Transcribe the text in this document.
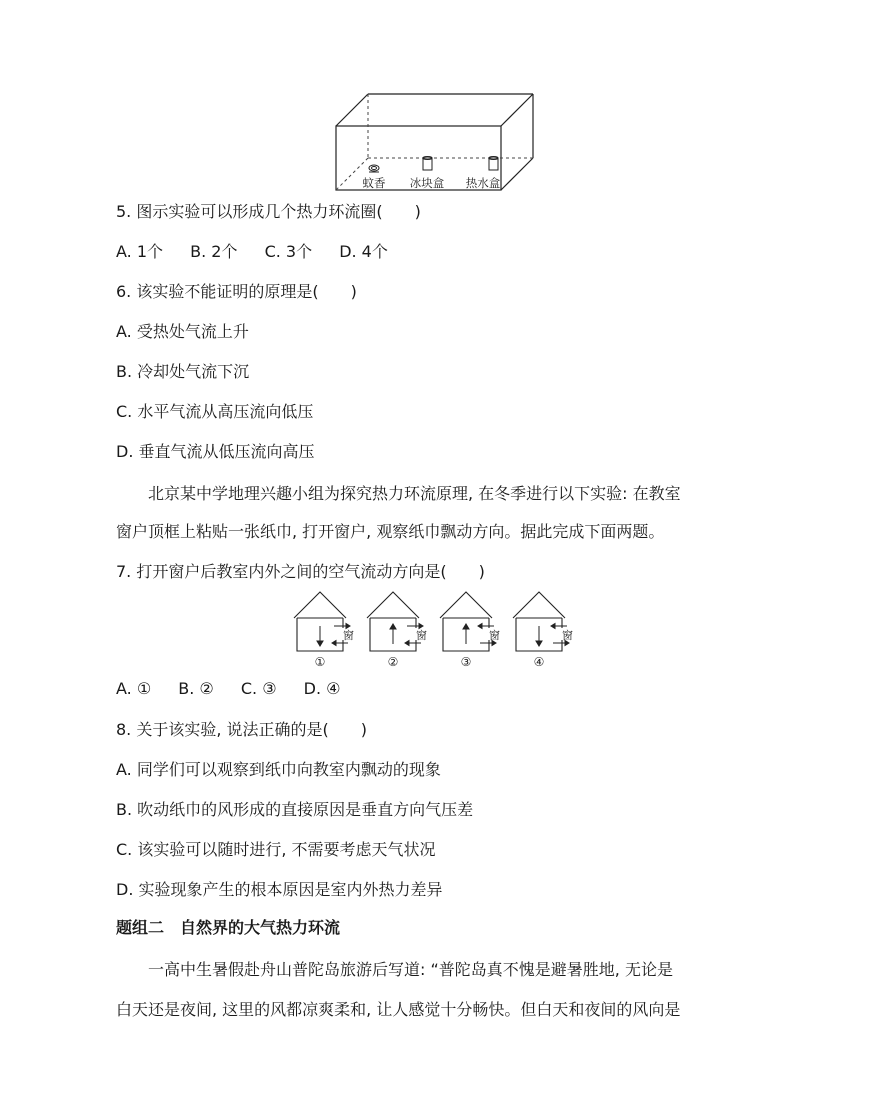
蚊香 冰块盒 热水盒
5. 图示实验可以形成几个热力环流圈(　　)
A. 1个 B. 2个 C. 3个 D. 4个
6. 该实验不能证明的原理是(　　)
A. 受热处气流上升
B. 冷却处气流下沉
C. 水平气流从高压流向低压
D. 垂直气流从低压流向高压
北京某中学地理兴趣小组为探究热力环流原理, 在冬季进行以下实验: 在教室
窗户顶框上粘贴一张纸巾, 打开窗户, 观察纸巾飘动方向。据此完成下面两题。
7. 打开窗户后教室内外之间的空气流动方向是(　　)
窗	窗	窗	窗
①	②	③	④
A. ① B. ② C. ③ D. ④
8. 关于该实验, 说法正确的是(　　)
A. 同学们可以观察到纸巾向教室内飘动的现象
B. 吹动纸巾的风形成的直接原因是垂直方向气压差
C. 该实验可以随时进行, 不需要考虑天气状况
D. 实验现象产生的根本原因是室内外热力差异
题组二　自然界的大气热力环流
一高中生暑假赴舟山普陀岛旅游后写道: “普陀岛真不愧是避暑胜地, 无论是
白天还是夜间, 这里的风都凉爽柔和, 让人感觉十分畅快。但白天和夜间的风向是
